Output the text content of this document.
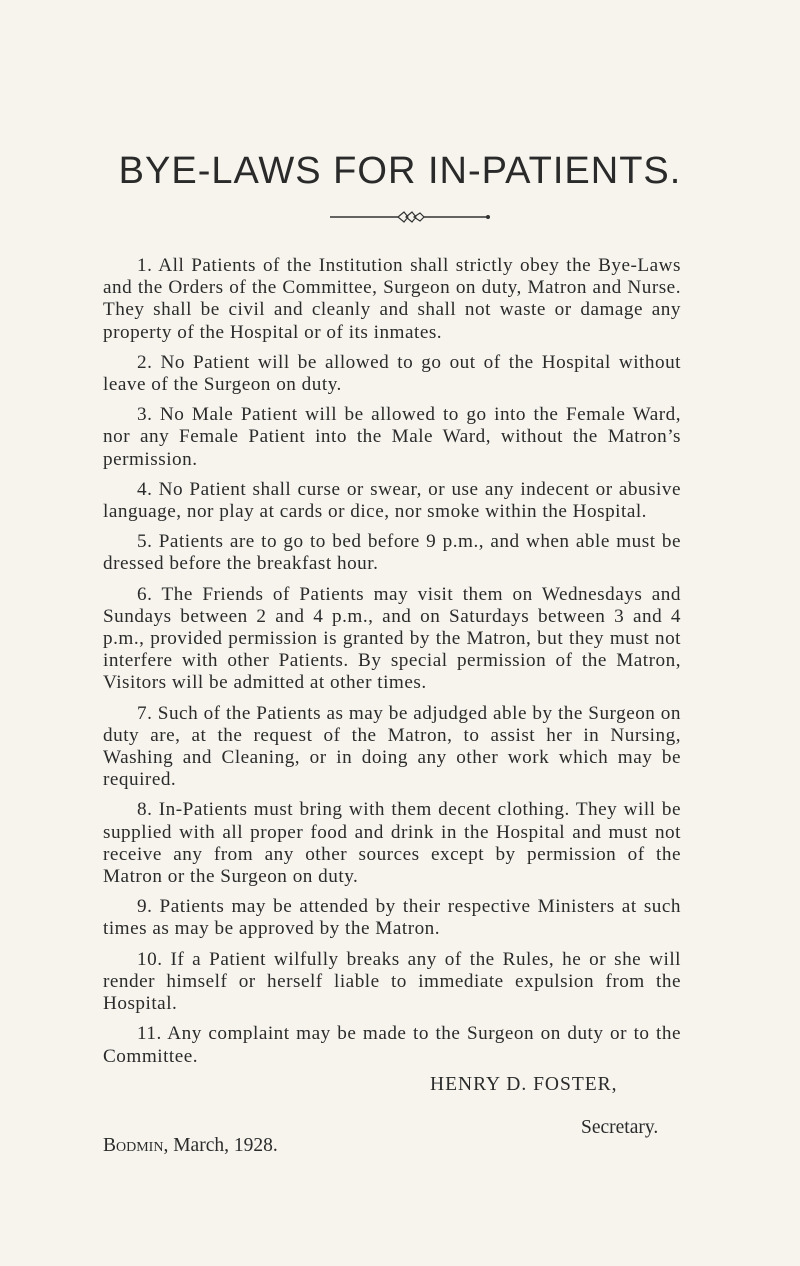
BYE-LAWS FOR IN-PATIENTS.

1. All Patients of the Institution shall strictly obey the Bye-Laws and the Orders of the Committee, Surgeon on duty, Matron and Nurse. They shall be civil and cleanly and shall not waste or damage any property of the Hospital or of its inmates.

2. No Patient will be allowed to go out of the Hospital without leave of the Surgeon on duty.

3. No Male Patient will be allowed to go into the Female Ward, nor any Female Patient into the Male Ward, without the Matron’s permission.

4. No Patient shall curse or swear, or use any indecent or abusive language, nor play at cards or dice, nor smoke within the Hospital.

5. Patients are to go to bed before 9 p.m., and when able must be dressed before the breakfast hour.

6. The Friends of Patients may visit them on Wednesdays and Sundays between 2 and 4 p.m., and on Saturdays between 3 and 4 p.m., provided permission is granted by the Matron, but they must not interfere with other Patients. By special permission of the Matron, Visitors will be admitted at other times.

7. Such of the Patients as may be adjudged able by the Surgeon on duty are, at the request of the Matron, to assist her in Nursing, Washing and Cleaning, or in doing any other work which may be required.

8. In-Patients must bring with them decent clothing. They will be supplied with all proper food and drink in the Hospital and must not receive any from any other sources except by permission of the Matron or the Surgeon on duty.

9. Patients may be attended by their respective Ministers at such times as may be approved by the Matron.

10. If a Patient wilfully breaks any of the Rules, he or she will render himself or herself liable to immediate expulsion from the Hospital.

11. Any complaint may be made to the Surgeon on duty or to the Committee.

HENRY D. FOSTER,
Secretary.
Bodmin, March, 1928.
